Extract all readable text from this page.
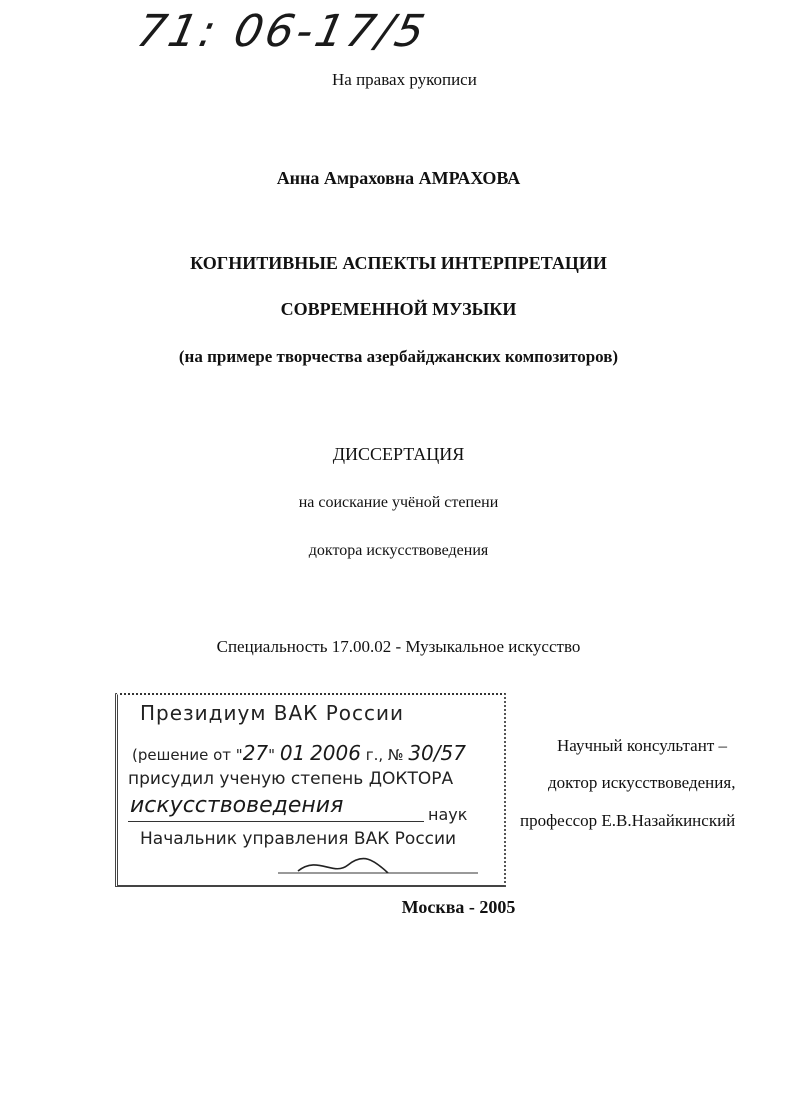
71: 06-17/5
На правах рукописи
Анна Амраховна АМРАХОВА
КОГНИТИВНЫЕ АСПЕКТЫ ИНТЕРПРЕТАЦИИ
СОВРЕМЕННОЙ МУЗЫКИ
(на примере творчества азербайджанских композиторов)
ДИССЕРТАЦИЯ
на соискание учёной степени
доктора искусствоведения
Специальность 17.00.02 - Музыкальное искусство
Президиум ВАК России
(решение от "27" 01 2006 г., № 30/57
присудил ученую степень ДОКТОРА
искусствоведения	наук
Начальник управления ВАК России
Научный консультант –
доктор искусствоведения,
профессор Е.В.Назайкинский
Москва - 2005
